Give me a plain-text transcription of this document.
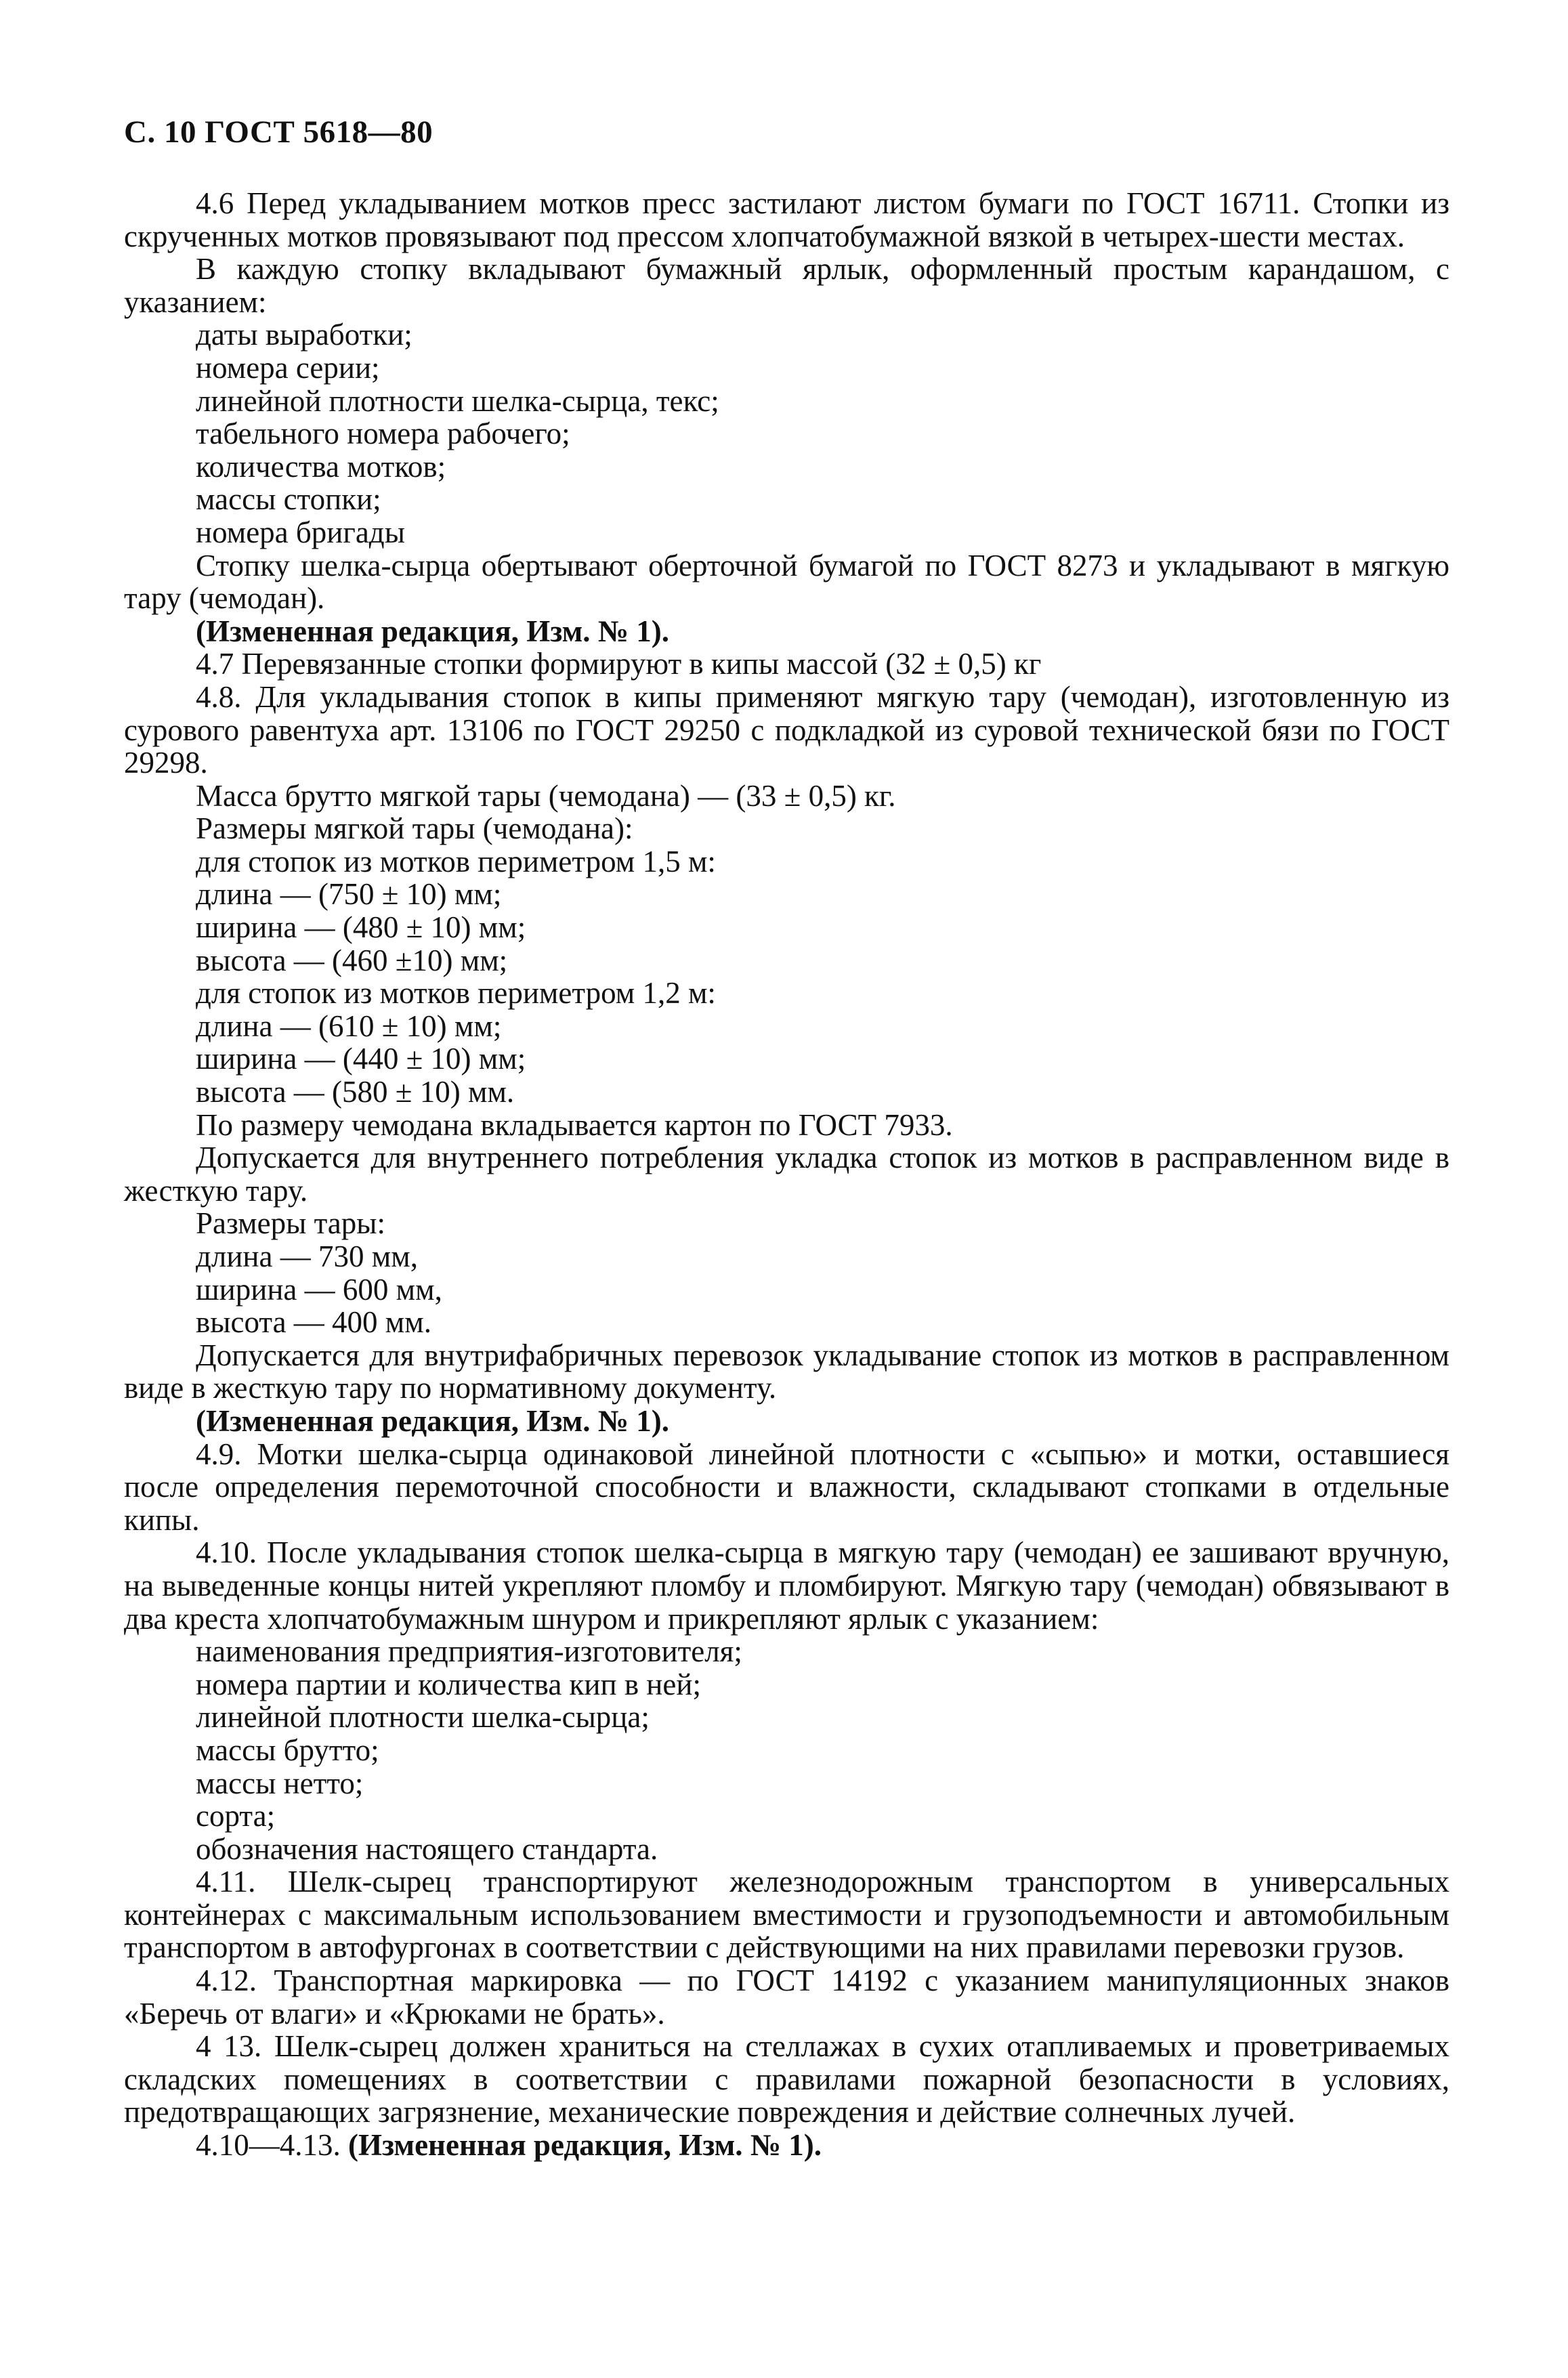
С. 10 ГОСТ 5618—80

4.6 Перед укладыванием мотков пресс застилают листом бумаги по ГОСТ 16711. Стопки из скрученных мотков провязывают под прессом хлопчатобумажной вязкой в четырех-шести местах.

В каждую стопку вкладывают бумажный ярлык, оформленный простым карандашом, с указанием:

даты выработки;

номера серии;

линейной плотности шелка-сырца, текс;

табельного номера рабочего;

количества мотков;

массы стопки;

номера бригады

Стопку шелка-сырца обертывают оберточной бумагой по ГОСТ 8273 и укладывают в мягкую тару (чемодан).

(Измененная редакция, Изм. № 1).

4.7 Перевязанные стопки формируют в кипы массой (32 ± 0,5) кг

4.8. Для укладывания стопок в кипы применяют мягкую тару (чемодан), изготовленную из сурового равентуха арт. 13106 по ГОСТ 29250 с подкладкой из суровой технической бязи по ГОСТ 29298.

Масса брутто мягкой тары (чемодана) — (33 ± 0,5) кг.

Размеры мягкой тары (чемодана):

для стопок из мотков периметром 1,5 м:

длина — (750 ± 10) мм;

ширина — (480 ± 10) мм;

высота — (460 ±10) мм;

для стопок из мотков периметром 1,2 м:

длина — (610 ± 10) мм;

ширина — (440 ± 10) мм;

высота — (580 ± 10) мм.

По размеру чемодана вкладывается картон по ГОСТ 7933.

Допускается для внутреннего потребления укладка стопок из мотков в расправленном виде в жесткую тару.

Размеры тары:

длина — 730 мм,

ширина — 600 мм,

высота — 400 мм.

Допускается для внутрифабричных перевозок укладывание стопок из мотков в расправленном виде в жесткую тару по нормативному документу.

(Измененная редакция, Изм. № 1).

4.9. Мотки шелка-сырца одинаковой линейной плотности с «сыпью» и мотки, оставшиеся после определения перемоточной способности и влажности, складывают стопками в отдельные кипы.

4.10. После укладывания стопок шелка-сырца в мягкую тару (чемодан) ее зашивают вручную, на выведенные концы нитей укрепляют пломбу и пломбируют. Мягкую тару (чемодан) обвязывают в два креста хлопчатобумажным шнуром и прикрепляют ярлык с указанием:

наименования предприятия-изготовителя;

номера партии и количества кип в ней;

линейной плотности шелка-сырца;

массы брутто;

массы нетто;

сорта;

обозначения настоящего стандарта.

4.11. Шелк-сырец транспортируют железнодорожным транспортом в универсальных контейнерах с максимальным использованием вместимости и грузоподъемности и автомобильным транспортом в автофургонах в соответствии с действующими на них правилами перевозки грузов.

4.12. Транспортная маркировка — по ГОСТ 14192 с указанием манипуляционных знаков «Беречь от влаги» и «Крюками не брать».

4 13. Шелк-сырец должен храниться на стеллажах в сухих отапливаемых и проветриваемых складских помещениях в соответствии с правилами пожарной безопасности в условиях, предотвращающих загрязнение, механические повреждения и действие солнечных лучей.

4.10—4.13. (Измененная редакция, Изм. № 1).
